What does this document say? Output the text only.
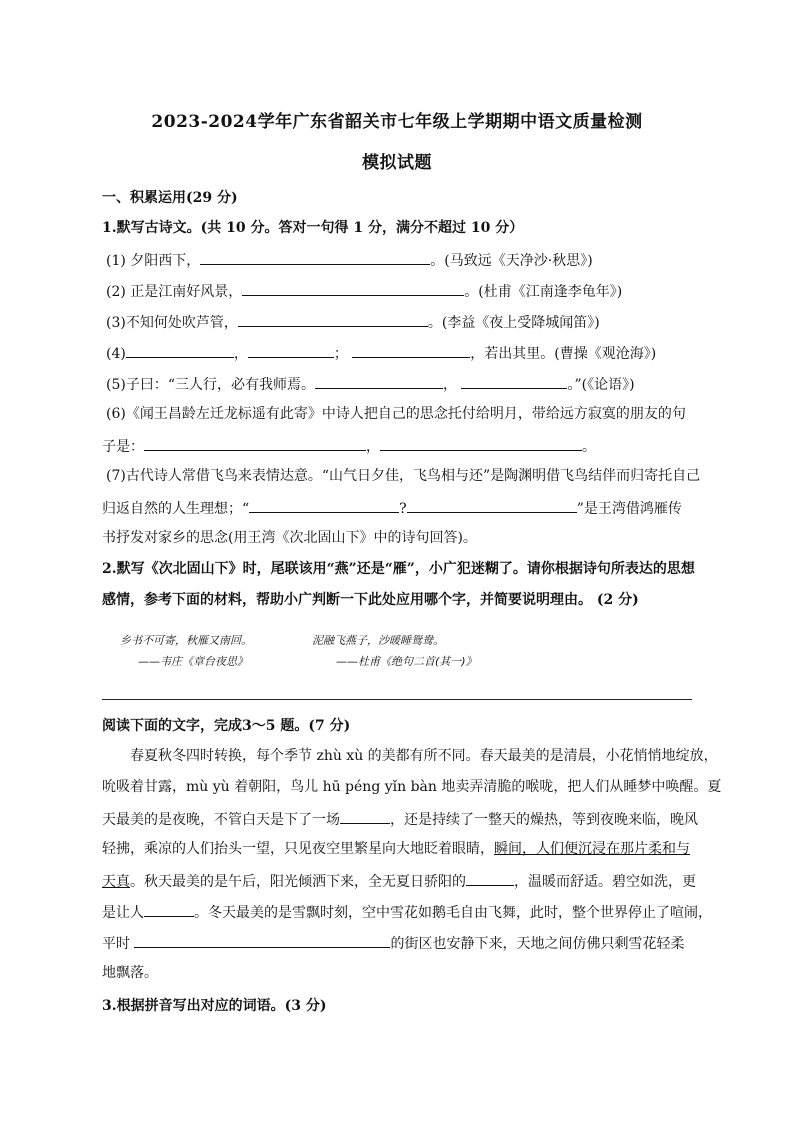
2023-2024学年广东省韶关市七年级上学期期中语文质量检测
模拟试题
一、积累运用(29 分)
1.默写古诗文。(共 10 分。答对一句得 1 分，满分不超过 10 分）
(1) 夕阳西下，	。(马致远《天净沙·秋思》)
(2) 正是江南好风景，	。(杜甫《江南逢李龟年》)
(3)不知何处吹芦管，	。(李益《夜上受降城闻笛》)
(4)	，	；	，若出其里。(曹操《观沧海》)
(5)子曰：“三人行，必有我师焉。	，	。”(《论语》)
(6)《闻王昌龄左迁龙标遥有此寄》中诗人把自己的思念托付给明月，带给远方寂寞的朋友的句
子是：	，	。
(7)古代诗人常借飞鸟来表情达意。“山气日夕佳，飞鸟相与还”是陶渊明借飞鸟结伴而归寄托自己
归返自然的人生理想；“	?	”是王湾借鸿雁传
书抒发对家乡的思念(用王湾《次北固山下》中的诗句回答)。
2.默写《次北固山下》时，尾联该用“燕”还是“雁”，小广犯迷糊了。请你根据诗句所表达的思想
感情，参考下面的材料，帮助小广判断一下此处应用哪个字，并简要说明理由。 (2 分)
乡书不可寄，秋雁又南回。
——韦庄《章台夜思》
泥融飞燕子，沙暖睡鸳鸯。
——杜甫《绝句二首(其一)》
阅读下面的文字，完成3～5 题。(7 分)
春夏秋冬四时转换，每个季节 zhù xù 的美都有所不同。春天最美的是清晨，小花悄悄地绽放，
吮吸着甘露，mù yù 着朝阳，鸟儿 hū péng yǐn bàn 地卖弄清脆的喉咙，把人们从睡梦中唤醒。夏
天最美的是夜晚，不管白天是下了一场	，还是持续了一整天的燥热，等到夜晚来临，晚风
轻拂，乘凉的人们抬头一望，只见夜空里繁星向大地眨着眼睛，瞬间，人们便沉浸在那片柔和与
天真。秋天最美的是午后，阳光倾洒下来，全无夏日骄阳的	，温暖而舒适。碧空如洗，更
是让人	。冬天最美的是雪飘时刻，空中雪花如鹅毛自由飞舞，此时，整个世界停止了喧闹，
平时	的街区也安静下来，天地之间仿佛只剩雪花轻柔
地飘落。
3.根据拼音写出对应的词语。(3 分)
